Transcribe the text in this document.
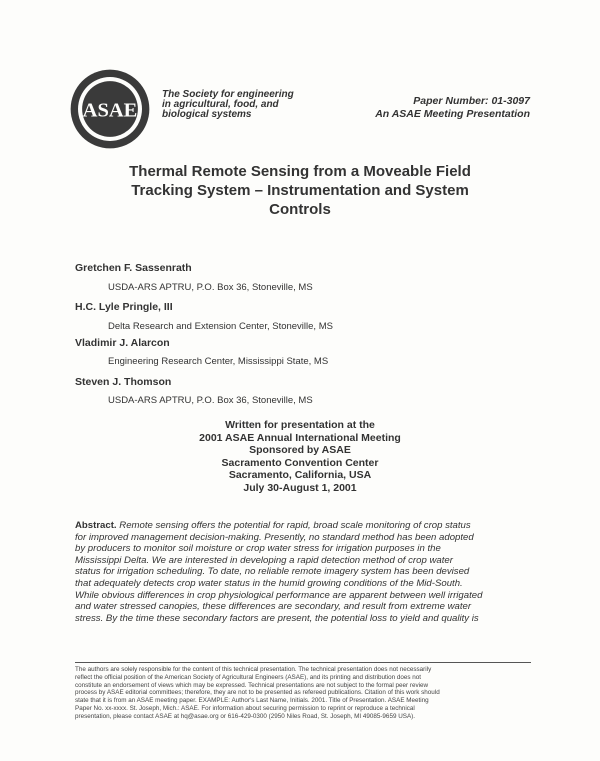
ASAE
The Society for engineering
in agricultural, food, and
biological systems
Paper Number: 01-3097
An ASAE Meeting Presentation
Thermal Remote Sensing from a Moveable Field
Tracking System – Instrumentation and System
Controls
Gretchen F. Sassenrath
USDA-ARS APTRU, P.O. Box 36, Stoneville, MS
H.C. Lyle Pringle, III
Delta Research and Extension Center, Stoneville, MS
Vladimir J. Alarcon
Engineering Research Center, Mississippi State, MS
Steven J. Thomson
USDA-ARS APTRU, P.O. Box 36, Stoneville, MS
Written for presentation at the
2001 ASAE Annual International Meeting
Sponsored by ASAE
Sacramento Convention Center
Sacramento, California, USA
July 30-August 1, 2001
Abstract. Remote sensing offers the potential for rapid, broad scale monitoring of crop status
for improved management decision-making. Presently, no standard method has been adopted
by producers to monitor soil moisture or crop water stress for irrigation purposes in the
Mississippi Delta. We are interested in developing a rapid detection method of crop water
status for irrigation scheduling. To date, no reliable remote imagery system has been devised
that adequately detects crop water status in the humid growing conditions of the Mid-South.
While obvious differences in crop physiological performance are apparent between well irrigated
and water stressed canopies, these differences are secondary, and result from extreme water
stress. By the time these secondary factors are present, the potential loss to yield and quality is
The authors are solely responsible for the content of this technical presentation. The technical presentation does not necessarily
reflect the official position of the American Society of Agricultural Engineers (ASAE), and its printing and distribution does not
constitute an endorsement of views which may be expressed. Technical presentations are not subject to the formal peer review
process by ASAE editorial committees; therefore, they are not to be presented as refereed publications. Citation of this work should
state that it is from an ASAE meeting paper. EXAMPLE: Author's Last Name, Initials. 2001. Title of Presentation. ASAE Meeting
Paper No. xx-xxxx. St. Joseph, Mich.: ASAE. For information about securing permission to reprint or reproduce a technical
presentation, please contact ASAE at hq@asae.org or 616-429-0300 (2950 Niles Road, St. Joseph, MI 49085-9659 USA).
